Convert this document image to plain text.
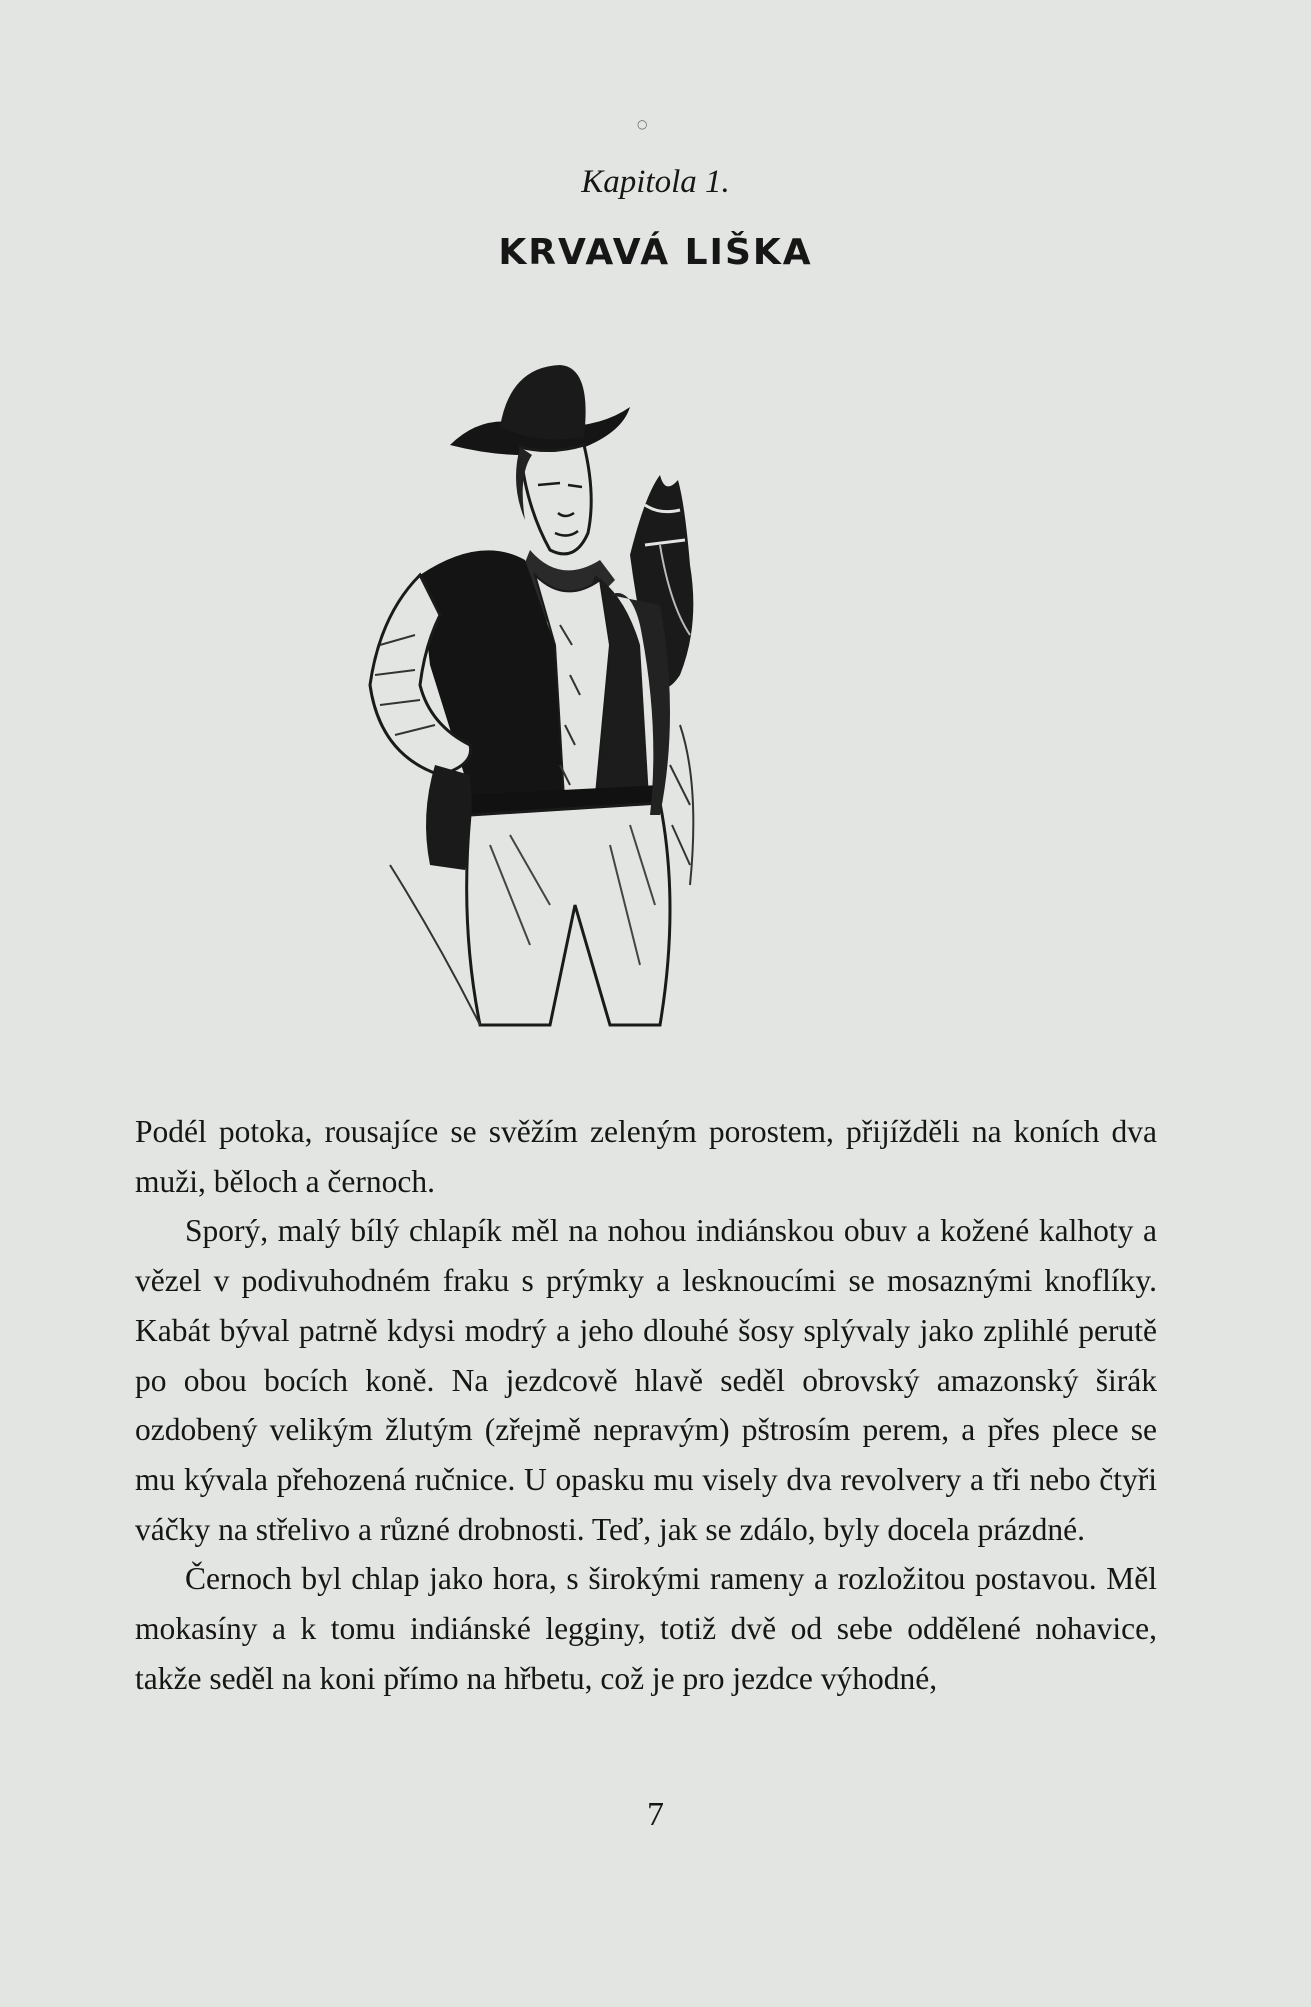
○
Kapitola 1.
KRVAVÁ LIŠKA

Podél potoka, rousajíce se svěžím zeleným porostem, přijížděli na koních dva muži, běloch a černoch.

Sporý, malý bílý chlapík měl na nohou indiánskou obuv a kožené kalhoty a vězel v podivuhodném fraku s prýmky a lesknoucími se mosaznými knoflíky. Kabát býval patrně kdysi modrý a jeho dlouhé šosy splývaly jako zplihlé perutě po obou bocích koně. Na jezdcově hlavě seděl obrovský amazonský širák ozdobený velikým žlutým (zřejmě nepravým) pštrosím perem, a přes plece se mu kývala přehozená ručnice. U opasku mu visely dva revolvery a tři nebo čtyři váčky na střelivo a různé drobnosti. Teď, jak se zdálo, byly docela prázdné.

Černoch byl chlap jako hora, s širokými rameny a rozložitou postavou. Měl mokasíny a k tomu indiánské legginy, totiž dvě od sebe oddělené nohavice, takže seděl na koni přímo na hřbetu, což je pro jezdce výhodné,

7
